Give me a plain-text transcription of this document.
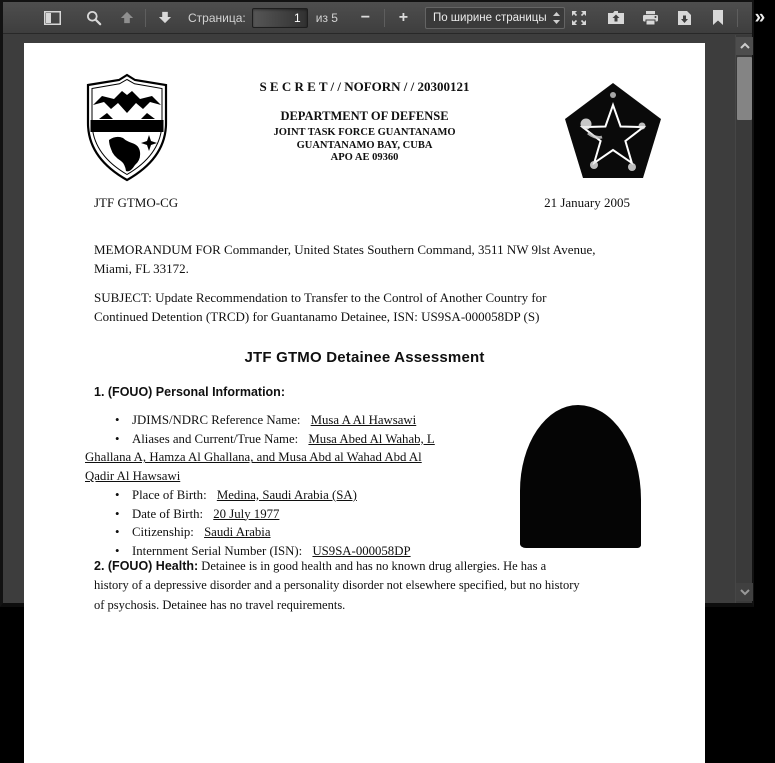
Страница:
1	из 5 − + По ширине страницы	»
S E C R E T / / NOFORN / / 20300121
DEPARTMENT OF DEFENSE
JOINT TASK FORCE GUANTANAMO
GUANTANAMO BAY, CUBA
APO AE 09360
JTF GTMO-CG	21 January 2005
MEMORANDUM FOR Commander, United States Southern Command, 3511 NW 9lst Avenue,
Miami, FL 33172.
SUBJECT: Update Recommendation to Transfer to the Control of Another Country for
Continued Detention (TRCD) for Guantanamo Detainee, ISN: US9SA-000058DP (S)
JTF GTMO Detainee Assessment
1. (FOUO) Personal Information:
• JDIMS/NDRC Reference Name: Musa A Al Hawsawi
• Aliases and Current/True Name: Musa Abed Al Wahab, L
Ghallana A, Hamza Al Ghallana, and Musa Abd al Wahad Abd Al
Qadir Al Hawsawi
• Place of Birth: Medina, Saudi Arabia (SA)
• Date of Birth: 20 July 1977
• Citizenship: Saudi Arabia
• Internment Serial Number (ISN): US9SA-000058DP
2. (FOUO) Health: Detainee is in good health and has no known drug allergies. He has a
history of a depressive disorder and a personality disorder not elsewhere specified, but no history
of psychosis. Detainee has no travel requirements.
